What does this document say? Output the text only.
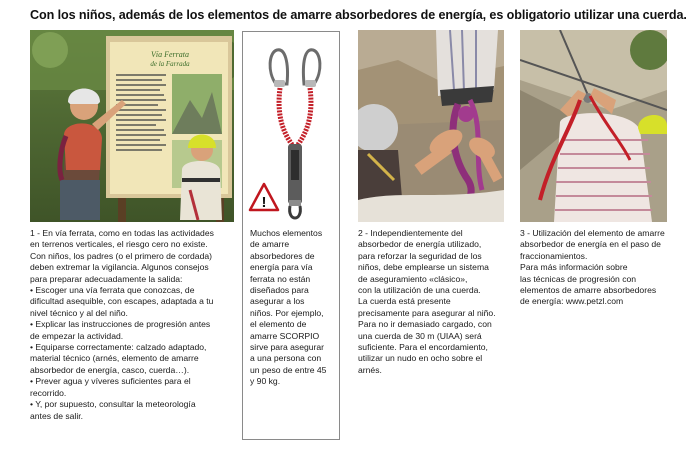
Con los niños, además de los elementos de amarre absorbedores de energía, es obligatorio utilizar una cuerda.
Vía Ferrata
de la Farrada
!
1 - En vía ferrata, como en todas las actividades
en terrenos verticales, el riesgo cero no existe.
Con niños, los padres (o el primero de cordada)
deben extremar la vigilancia. Algunos consejos
para preparar adecuadamente la salida:
• Escoger una vía ferrata que conozcas, de
dificultad asequible, con escapes, adaptada a tu
nivel técnico y al del niño.
• Explicar las instrucciones de progresión antes
de empezar la actividad.
• Equiparse correctamente: calzado adaptado,
material técnico (arnés, elemento de amarre
absorbedor de energía, casco, cuerda…).
• Prever agua y víveres suficientes para el
recorrido.
• Y, por supuesto, consultar la meteorología
antes de salir.
Muchos elementos
de amarre
absorbedores de
energía para vía
ferrata no están
diseñados para
asegurar a los
niños. Por ejemplo,
el elemento de
amarre SCORPIO
sirve para asegurar
a una persona con
un peso de entre 45
y 90 kg.
2 - Independientemente del
absorbedor de energía utilizado,
para reforzar la seguridad de los
niños, debe emplearse un sistema
de aseguramiento «clásico»,
con la utilización de una cuerda.
La cuerda está presente
precisamente para asegurar al niño.
Para no ir demasiado cargado, con
una cuerda de 30 m (UIAA) será
suficiente. Para el encordamiento,
utilizar un nudo en ocho sobre el
arnés.
3 - Utilización del elemento de amarre
absorbedor de energía en el paso de
fraccionamientos.
Para más información sobre
las técnicas de progresión con
elementos de amarre absorbedores
de energía: www.petzl.com
